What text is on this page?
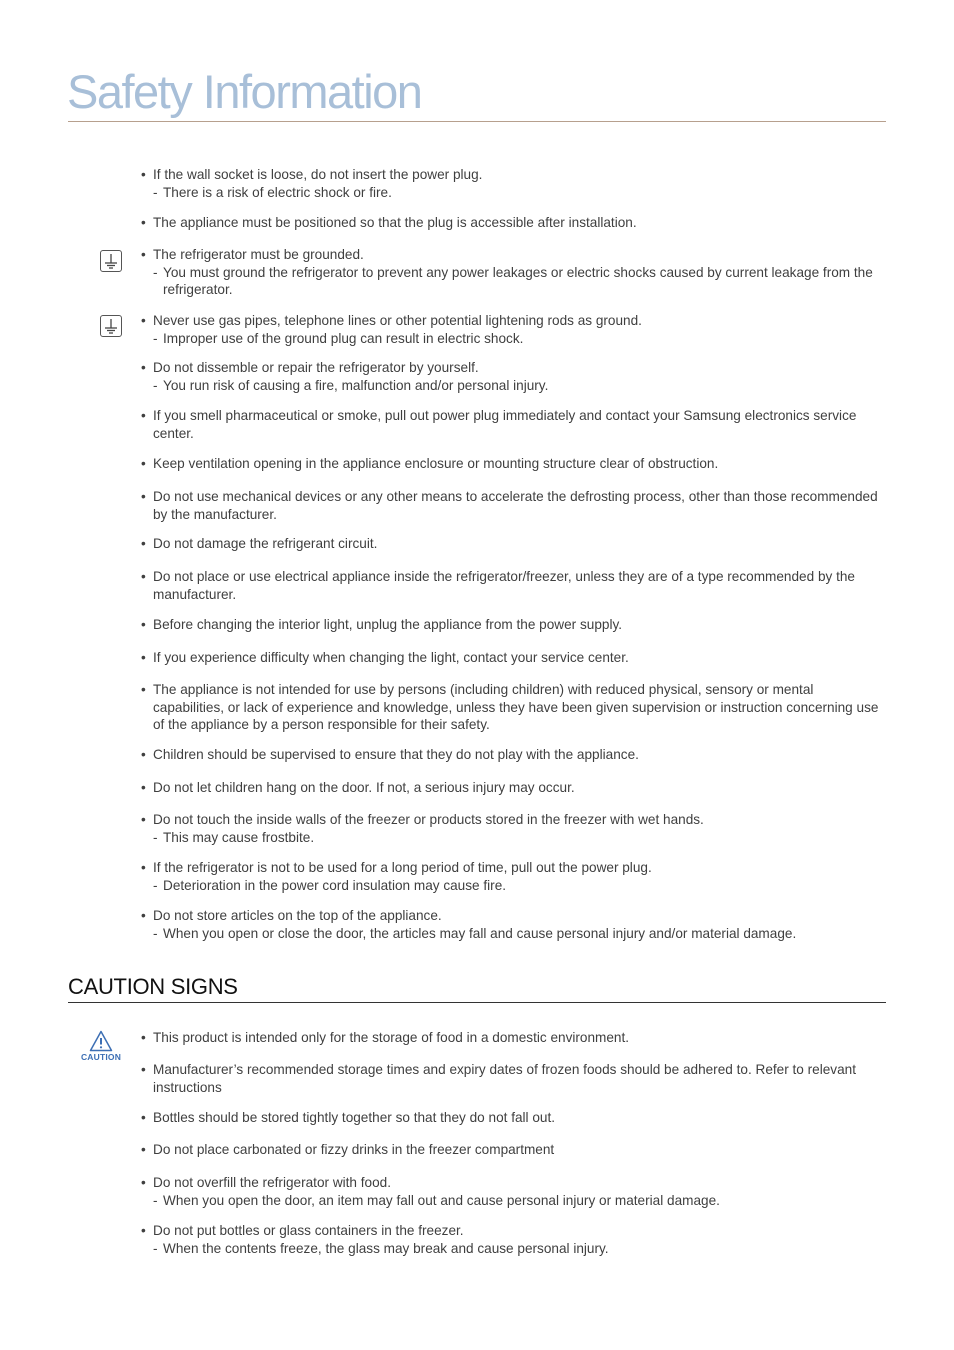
Safety Information
• If the wall socket is loose, do not insert the power plug.
- There is a risk of electric shock or fire.
• The appliance must be positioned so that the plug is accessible after installation.
• The refrigerator must be grounded.
- You must ground the refrigerator to prevent any power leakages or electric shocks caused by current leakage from the refrigerator.
• Never use gas pipes, telephone lines or other potential lightening rods as ground.
- Improper use of the ground plug can result in electric shock.
• Do not dissemble or repair the refrigerator by yourself.
- You run risk of causing a fire, malfunction and/or personal injury.
• If you smell pharmaceutical or smoke, pull out power plug immediately and contact your Samsung electronics service center.
• Keep ventilation opening in the appliance enclosure or mounting structure clear of obstruction.
• Do not use mechanical devices or any other means to accelerate the defrosting process, other than those recommended by the manufacturer.
• Do not damage the refrigerant circuit.
• Do not place or use electrical appliance inside the refrigerator/freezer, unless they are of a type recommended by the manufacturer.
• Before changing the interior light, unplug the appliance from the power supply.
• If you experience difficulty when changing the light, contact your service center.
• The appliance is not intended for use by persons (including children) with reduced physical, sensory or mental capabilities, or lack of experience and knowledge, unless they have been given supervision or instruction concerning use of the appliance by a person responsible for their safety.
• Children should be supervised to ensure that they do not play with the appliance.
• Do not let children hang on the door. If not, a serious injury may occur.
• Do not touch the inside walls of the freezer or products stored in the freezer with wet hands.
- This may cause frostbite.
• If the refrigerator is not to be used for a long period of time, pull out the power plug.
- Deterioration in the power cord insulation may cause fire.
• Do not store articles on the top of the appliance.
- When you open or close the door, the articles may fall and cause personal injury and/or material damage.
CAUTION SIGNS
CAUTION
• This product is intended only for the storage of food in a domestic environment.
• Manufacturer’s recommended storage times and expiry dates of frozen foods should be adhered to. Refer to relevant instructions
• Bottles should be stored tightly together so that they do not fall out.
• Do not place carbonated or fizzy drinks in the freezer compartment
• Do not overfill the refrigerator with food.
- When you open the door, an item may fall out and cause personal injury or material damage.
• Do not put bottles or glass containers in the freezer.
- When the contents freeze, the glass may break and cause personal injury.
